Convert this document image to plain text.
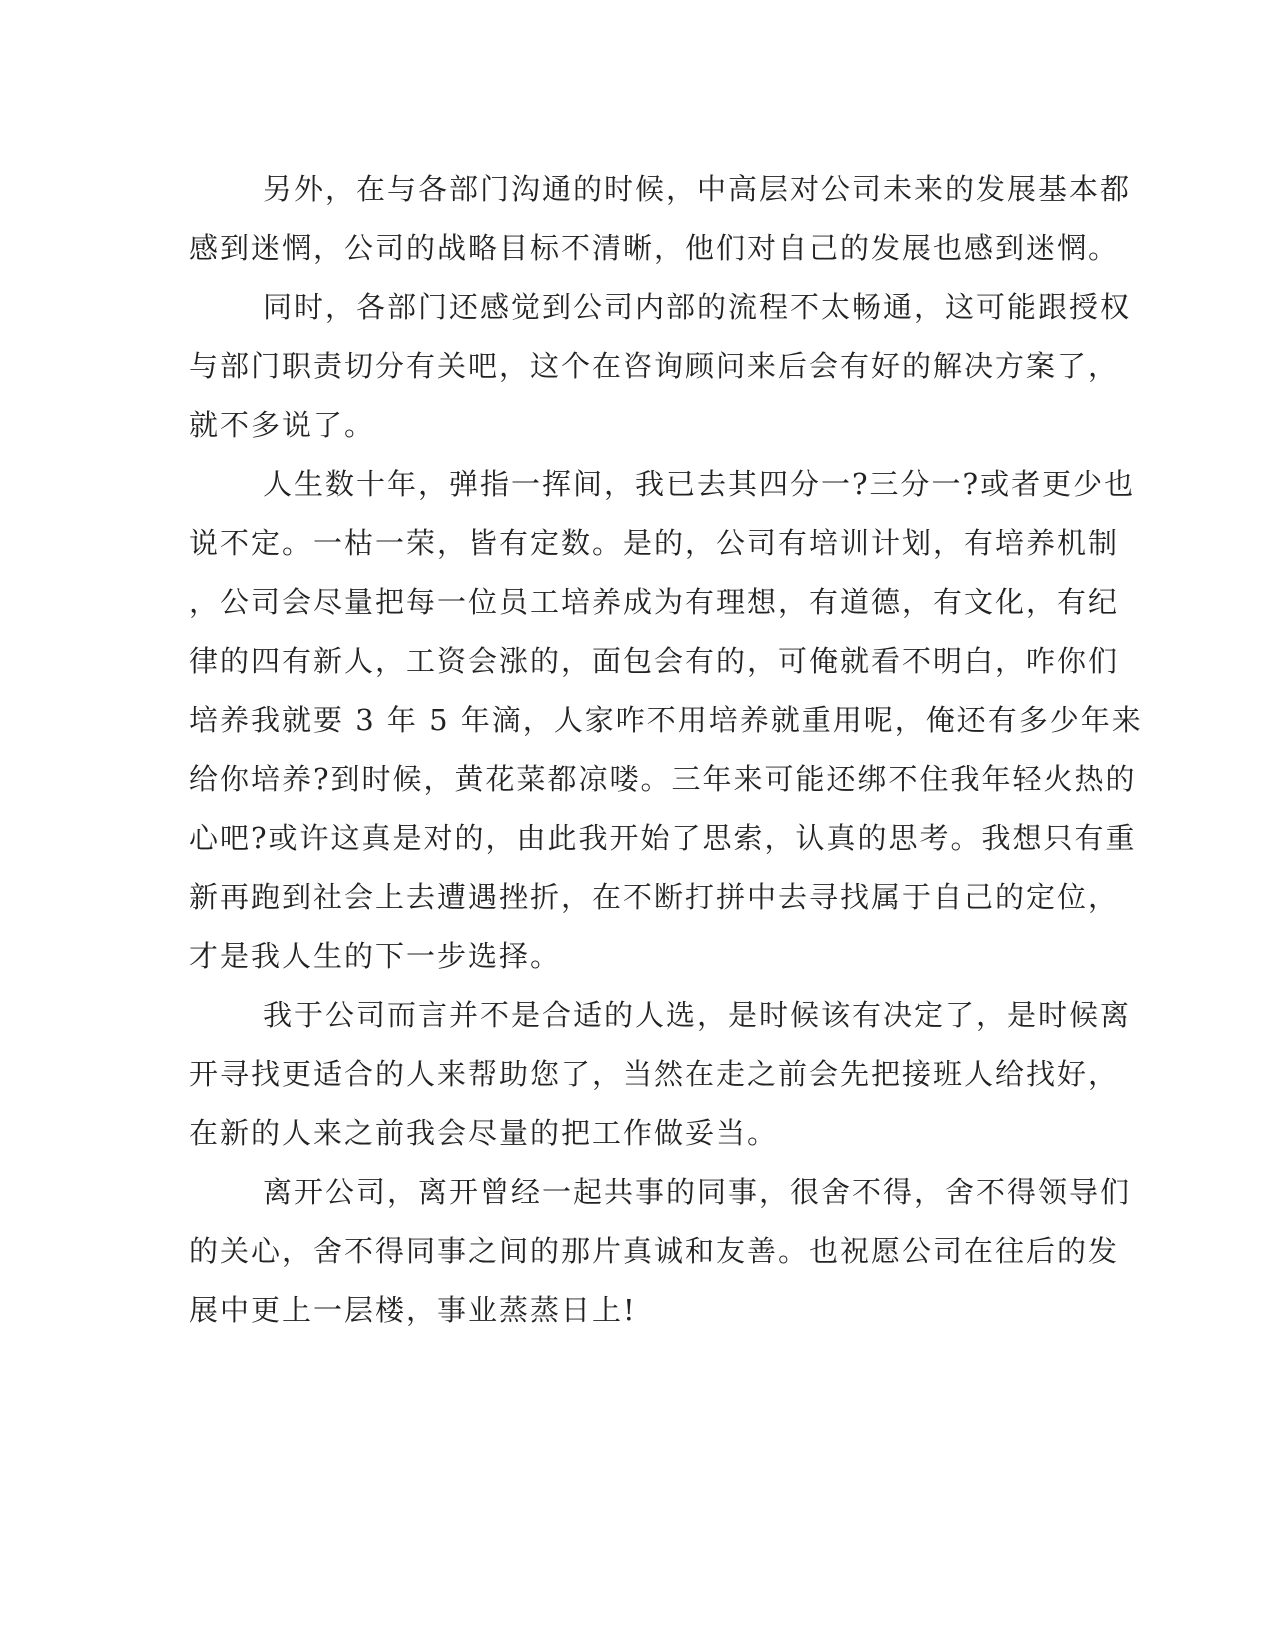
另外，在与各部门沟通的时候，中高层对公司未来的发展基本都
感到迷惘，公司的战略目标不清晰，他们对自己的发展也感到迷惘。
同时，各部门还感觉到公司内部的流程不太畅通，这可能跟授权
与部门职责切分有关吧，这个在咨询顾问来后会有好的解决方案了，
就不多说了。
人生数十年，弹指一挥间，我已去其四分一?三分一?或者更少也
说不定。一枯一荣，皆有定数。是的，公司有培训计划，有培养机制
，公司会尽量把每一位员工培养成为有理想，有道德，有文化，有纪
律的四有新人，工资会涨的，面包会有的，可俺就看不明白，咋你们
培养我就要 3 年 5 年滴，人家咋不用培养就重用呢，俺还有多少年来
给你培养?到时候，黄花菜都凉喽。三年来可能还绑不住我年轻火热的
心吧?或许这真是对的，由此我开始了思索，认真的思考。我想只有重
新再跑到社会上去遭遇挫折，在不断打拼中去寻找属于自己的定位，
才是我人生的下一步选择。
我于公司而言并不是合适的人选，是时候该有决定了，是时候离
开寻找更适合的人来帮助您了，当然在走之前会先把接班人给找好，
在新的人来之前我会尽量的把工作做妥当。
离开公司，离开曾经一起共事的同事，很舍不得，舍不得领导们
的关心，舍不得同事之间的那片真诚和友善。也祝愿公司在往后的发
展中更上一层楼，事业蒸蒸日上!
